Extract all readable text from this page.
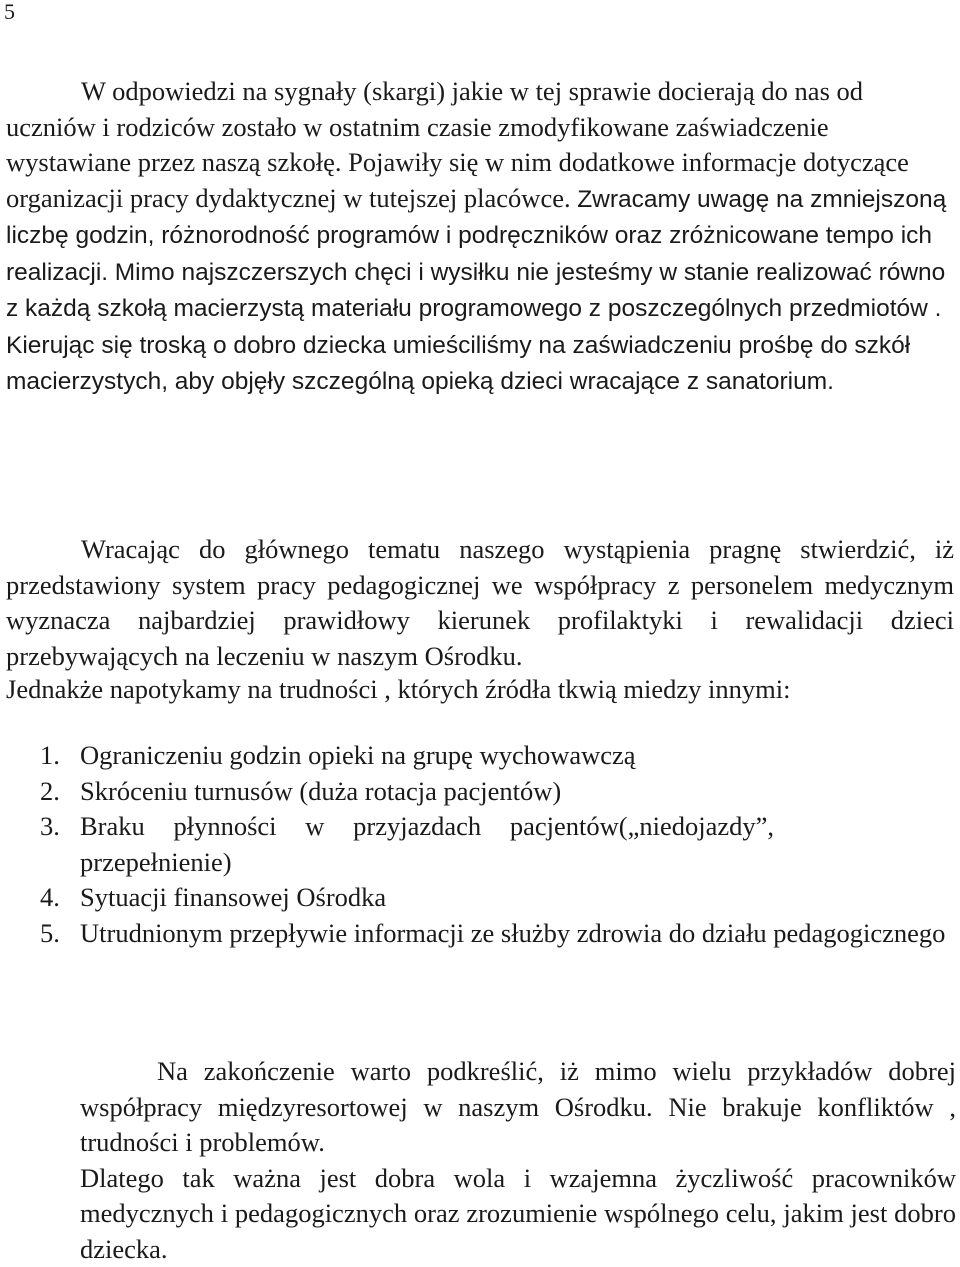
5

W odpowiedzi na sygnały (skargi) jakie w tej sprawie docierają do nas od uczniów i rodziców zostało w ostatnim czasie zmodyfikowane zaświadczenie wystawiane przez naszą szkołę. Pojawiły się w nim dodatkowe informacje dotyczące organizacji pracy dydaktycznej w tutejszej placówce. Zwracamy uwagę na zmniejszoną liczbę godzin, różnorodność programów i podręczników oraz zróżnicowane tempo ich realizacji. Mimo najszczerszych chęci i wysiłku nie jesteśmy w stanie realizować równo z każdą szkołą macierzystą materiału programowego z poszczególnych przedmiotów . Kierując się troską o dobro dziecka umieściliśmy na zaświadczeniu prośbę do szkół macierzystych, aby objęły szczególną opieką dzieci wracające z sanatorium.

Wracając do głównego tematu naszego wystąpienia pragnę stwierdzić, iż przedstawiony system pracy pedagogicznej we współpracy z personelem medycznym wyznacza najbardziej prawidłowy kierunek profilaktyki i rewalidacji dzieci przebywających na leczeniu w naszym Ośrodku.

Jednakże napotykamy na trudności , których źródła tkwią miedzy innymi:

1. Ograniczeniu godzin opieki na grupę wychowawczą
2. Skróceniu turnusów (duża rotacja pacjentów)
3. Braku płynności w przyjazdach pacjentów(„niedojazdy”, przepełnienie)
4. Sytuacji finansowej Ośrodka
5. Utrudnionym przepływie informacji ze służby zdrowia do działu pedagogicznego
Na zakończenie warto podkreślić, iż mimo wielu przykładów dobrej współpracy międzyresortowej w naszym Ośrodku. Nie brakuje konfliktów , trudności i problemów.
Dlatego tak ważna jest dobra wola i wzajemna życzliwość pracowników medycznych i pedagogicznych oraz zrozumienie wspólnego celu, jakim jest dobro dziecka.
